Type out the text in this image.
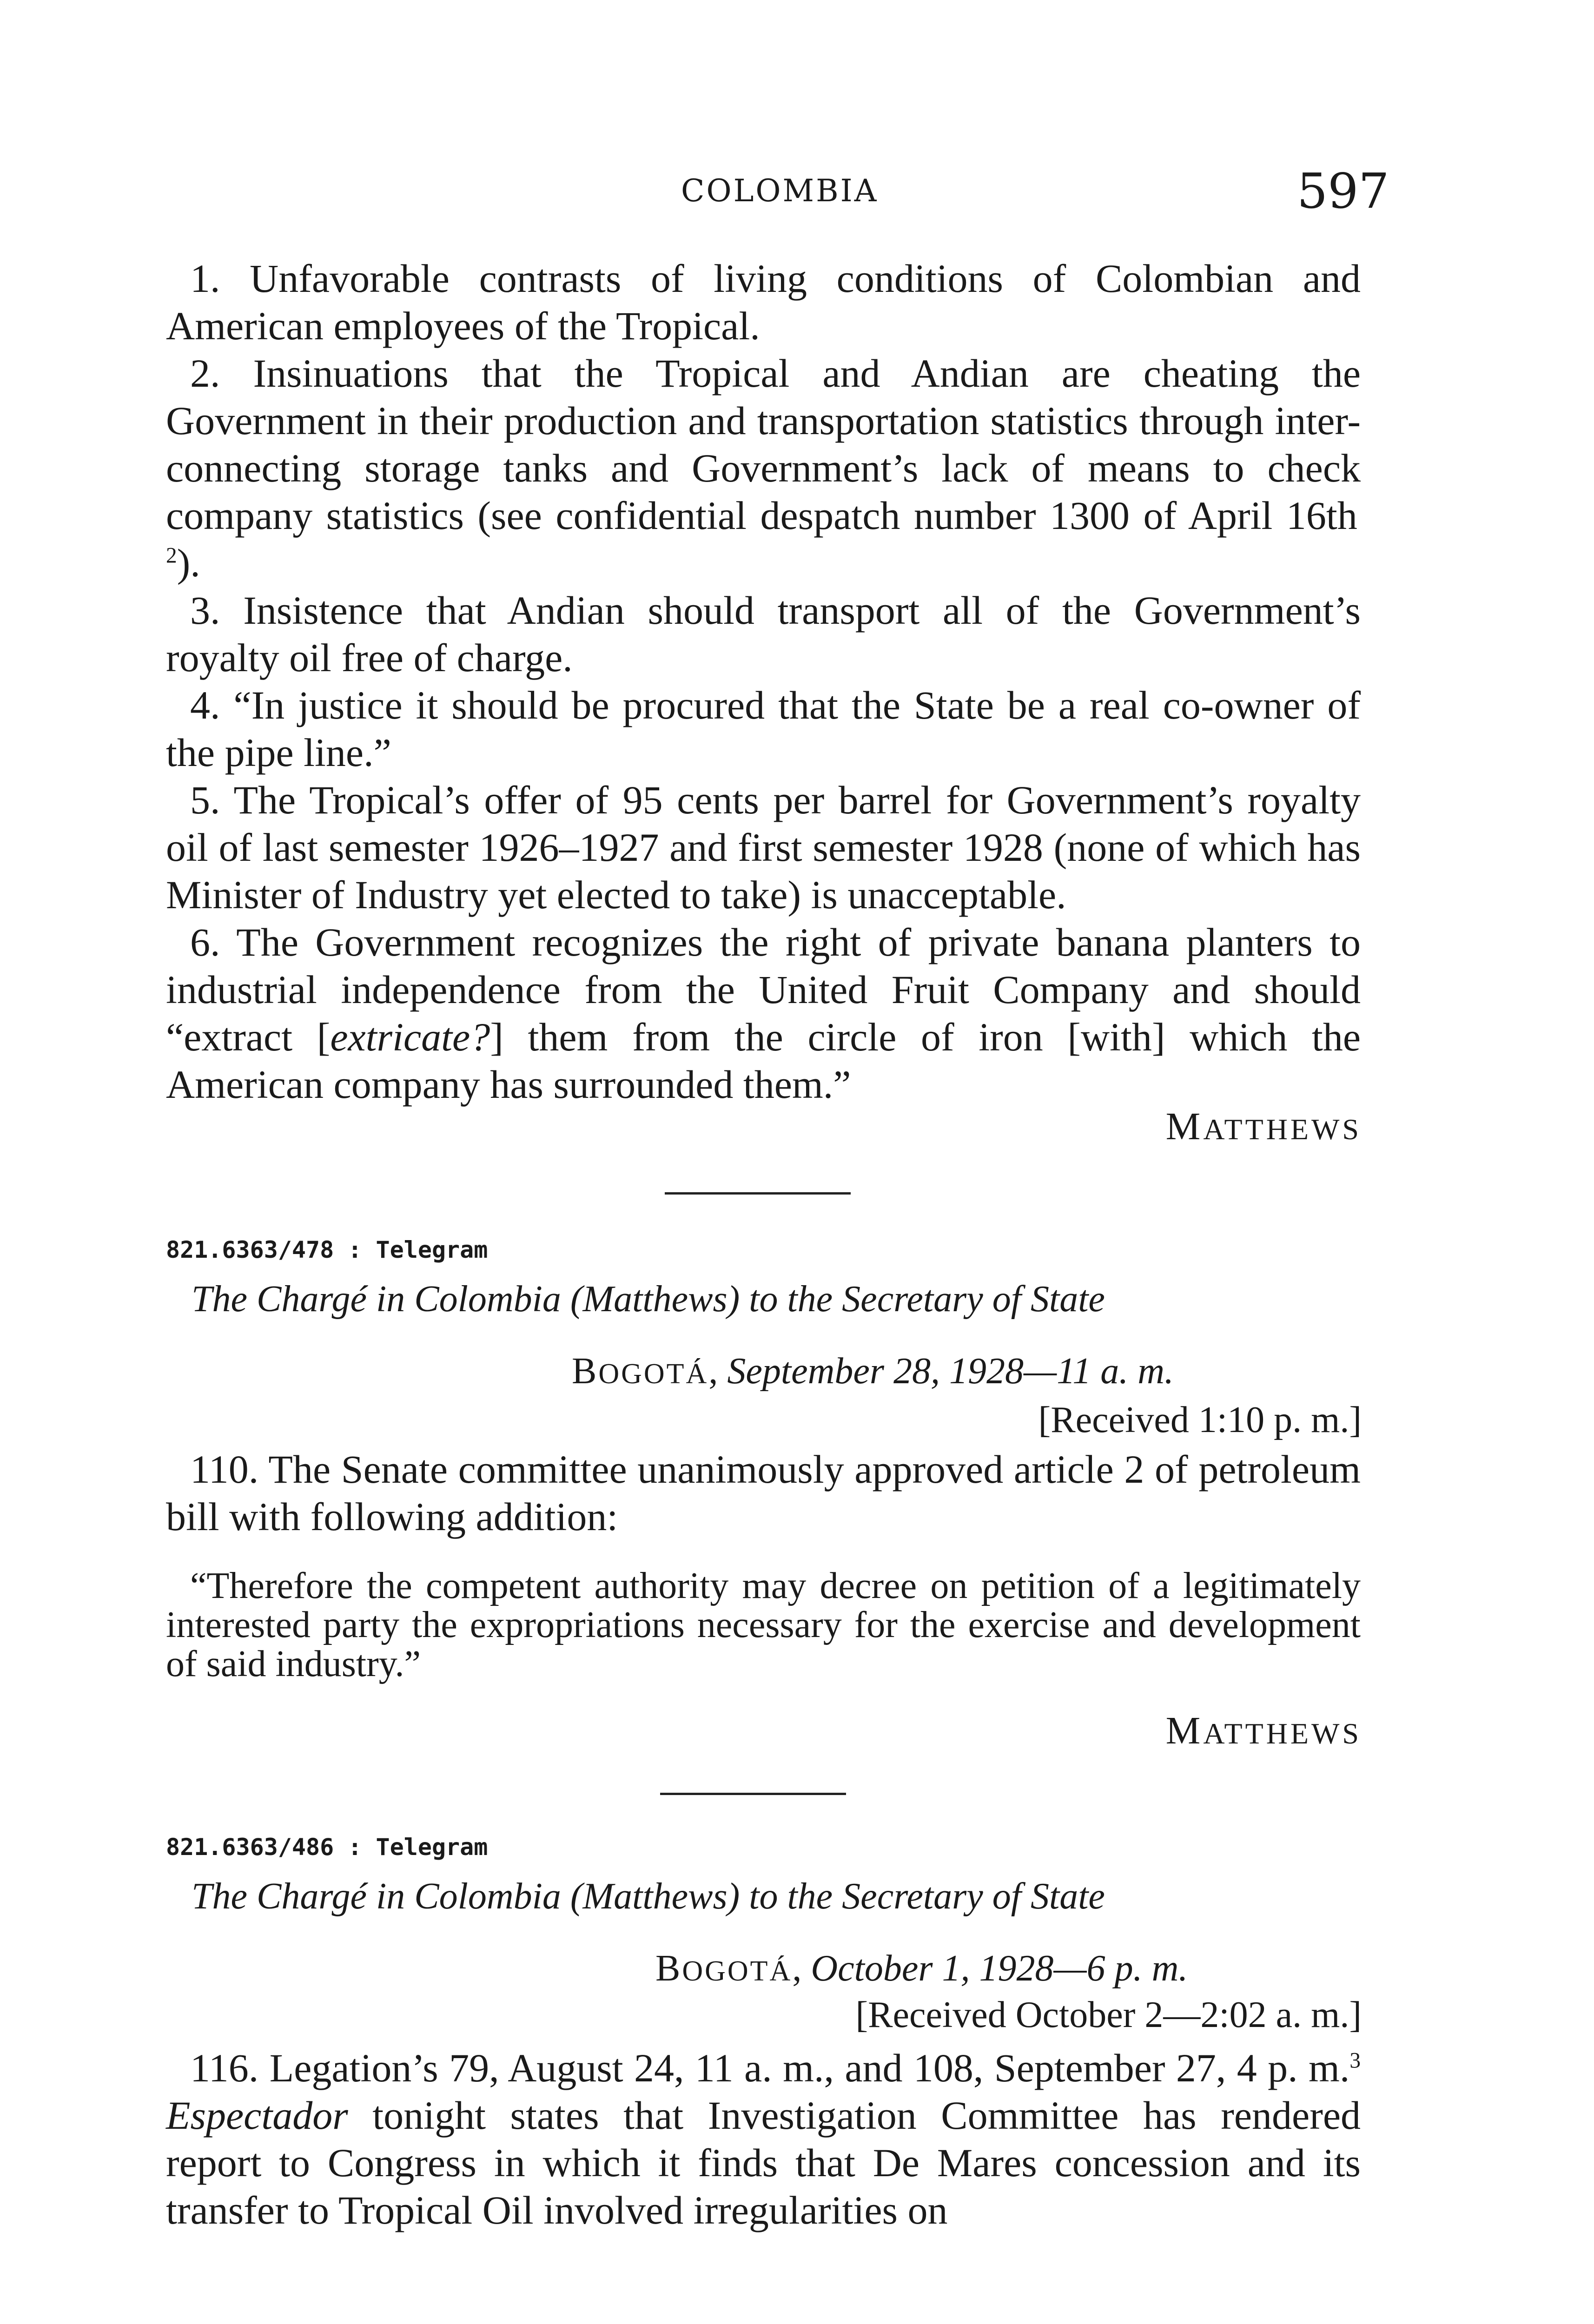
COLOMBIA	597

1. Unfavorable contrasts of living conditions of Colombian and American employees of the Tropical.

2. Insinuations that the Tropical and Andian are cheating the Government in their production and transportation statistics through inter-connecting storage tanks and Government’s lack of means to check company statistics (see confidential despatch number 1300 of April 16th $^2$).

3. Insistence that Andian should transport all of the Government’s royalty oil free of charge.

4. “In justice it should be procured that the State be a real co-owner of the pipe line.”

5. The Tropical’s offer of 95 cents per barrel for Government’s royalty oil of last semester 1926–1927 and first semester 1928 (none of which has Minister of Industry yet elected to take) is unacceptable.

6. The Government recognizes the right of private banana planters to industrial independence from the United Fruit Company and should “extract [extricate?] them from the circle of iron [with] which the American company has surrounded them.”

MATTHEWS
821.6363/478 : Telegram
The Chargé in Colombia (Matthews) to the Secretary of State
BOGOTÁ, September 28, 1928—11 a. m.
[Received 1:10 p. m.]

110. The Senate committee unanimously approved article 2 of petroleum bill with following addition:

“Therefore the competent authority may decree on petition of a legitimately interested party the expropriations necessary for the exercise and development of said industry.”

MATTHEWS
821.6363/486 : Telegram
The Chargé in Colombia (Matthews) to the Secretary of State
BOGOTÁ, October 1, 1928—6 p. m.
[Received October 2—2:02 a. m.]

116. Legation’s 79, August 24, 11 a. m., and 108, September 27, 4 p. m.$^3$ Espectador tonight states that Investigation Committee has rendered report to Congress in which it finds that De Mares concession and its transfer to Tropical Oil involved irregularities on
